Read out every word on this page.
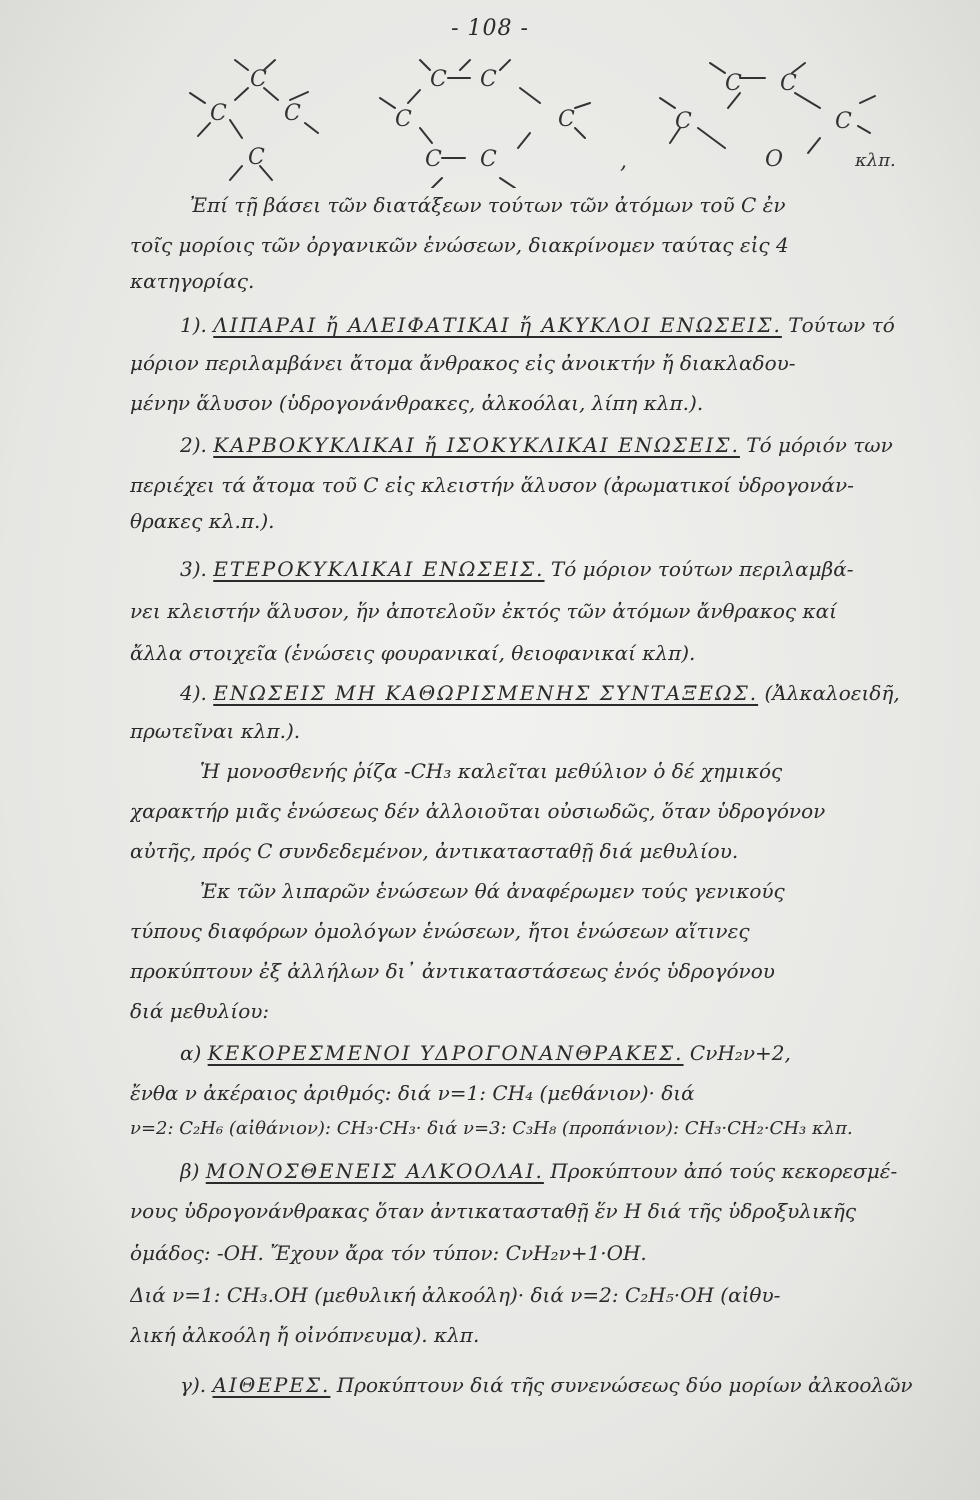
- 108 -
C
C	C
C
C C
C	C
C C	,
C C
C	C
O	κλπ.
Ἐπί τῇ βάσει τῶν διατάξεων τούτων τῶν ἀτόμων τοῦ C ἐν
τοῖς μορίοις τῶν ὀργανικῶν ἑνώσεων, διακρίνομεν ταύτας εἰς 4
κατηγορίας.
1). ΛΙΠΑΡΑΙ ἤ ΑΛΕΙΦΑΤΙΚΑΙ ἤ ΑΚΥΚΛΟΙ ΕΝΩΣΕΙΣ. Τούτων τό
μόριον περιλαμβάνει ἄτομα ἄνθρακος εἰς ἀνοικτήν ἤ διακλαδου-
μένην ἅλυσον (ὑδρογονάνθρακες, ἀλκοόλαι, λίπη κλπ.).
2). ΚΑΡΒΟΚΥΚΛΙΚΑΙ ἤ ΙΣΟΚΥΚΛΙΚΑΙ ΕΝΩΣΕΙΣ. Τό μόριόν των
περιέχει τά ἄτομα τοῦ C εἰς κλειστήν ἅλυσον (ἀρωματικοί ὑδρογονάν-
θρακες κλ.π.).
3). ΕΤΕΡΟΚΥΚΛΙΚΑΙ ΕΝΩΣΕΙΣ. Τό μόριον τούτων περιλαμβά-
νει κλειστήν ἅλυσον, ἥν ἀποτελοῦν ἐκτός τῶν ἀτόμων ἄνθρακος καί
ἄλλα στοιχεῖα (ἑνώσεις φουρανικαί, θειοφανικαί κλπ).
4). ΕΝΩΣΕΙΣ ΜΗ ΚΑΘΩΡΙΣΜΕΝΗΣ ΣΥΝΤΑΞΕΩΣ. (Ἀλκαλοειδῆ,
πρωτεῖναι κλπ.).
Ἡ μονοσθενής ῥίζα -CH₃ καλεῖται μεθύλιον ὁ δέ χημικός
χαρακτήρ μιᾶς ἑνώσεως δέν ἀλλοιοῦται οὐσιωδῶς, ὅταν ὑδρογόνον
αὐτῆς, πρός C συνδεδεμένον, ἀντικατασταθῇ διά μεθυλίου.
Ἐκ τῶν λιπαρῶν ἑνώσεων θά ἀναφέρωμεν τούς γενικούς
τύπους διαφόρων ὁμολόγων ἑνώσεων, ἤτοι ἑνώσεων αἵτινες
προκύπτουν ἐξ ἀλλήλων δι᾽ ἀντικαταστάσεως ἑνός ὑδρογόνου
διά μεθυλίου:
α) ΚΕΚΟΡΕΣΜΕΝΟΙ ΥΔΡΟΓΟΝΑΝΘΡΑΚΕΣ. CνH₂ν+2,
ἔνθα ν ἀκέραιος ἀριθμός: διά ν=1: CH₄ (μεθάνιον)· διά
ν=2: C₂H₆ (αἰθάνιον): CH₃·CH₃· διά ν=3: C₃H₈ (προπάνιον): CH₃·CH₂·CH₃ κλπ.
β) ΜΟΝΟΣΘΕΝΕΙΣ ΑΛΚΟΟΛΑΙ. Προκύπτουν ἀπό τούς κεκορεσμέ-
νους ὑδρογονάνθρακας ὅταν ἀντικατασταθῇ ἕν H διά τῆς ὑδροξυλικῆς
ὁμάδος: -OH. Ἔχουν ἄρα τόν τύπον: CνH₂ν+1·OH.
Διά ν=1: CH₃.OH (μεθυλική ἀλκοόλη)· διά ν=2: C₂H₅·OH (αἰθυ-
λική ἀλκοόλη ἤ οἰνόπνευμα). κλπ.
γ). ΑΙΘΕΡΕΣ. Προκύπτουν διά τῆς συνενώσεως δύο μορίων ἀλκοολῶν
